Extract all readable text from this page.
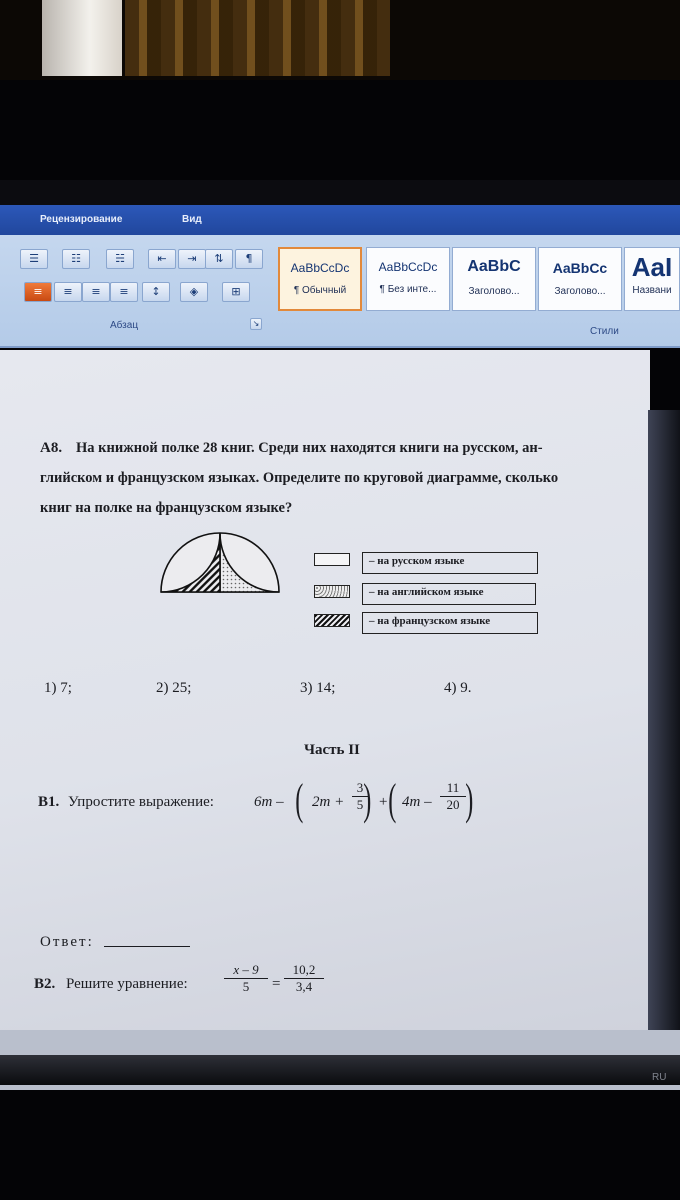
Рецензирование	Вид
☰	☷	☵	⇤	⇥	⇅	¶
≡	≡	≡	≡	↕	◈	⊞
Абзац	↘
AaBbCcDc
¶ Обычный
AaBbCcDc
¶ Без инте...
AaBbC
Заголово...
AaBbCc
Заголово...
AaI
Названи
Стили
А8. На книжной полке 28 книг. Среди них находятся книги на русском, ан-
глийском и французском языках. Определите по круговой диаграмме, сколько
книг на полке на французском языке?
– на русском языке
– на английском языке
– на французском языке
1) 7;	2) 25;	3) 14;	4) 9.
Часть II
В1. Упростите выражение:	6m – ( $2m + \frac{3}{5}$
) + ( $4m - \frac{11}{20}$ )
Ответ:
В2. Решите уравнение:	$\frac{x - 9}{5} = \frac{10,2}{3,4}$
RU
